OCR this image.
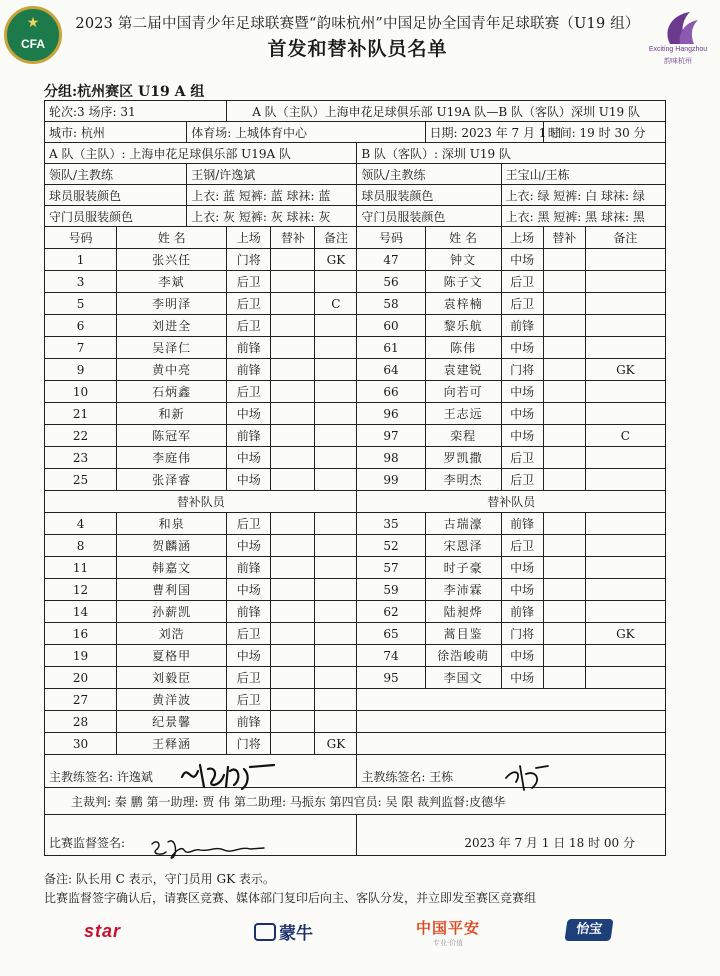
★
CFA	Exciting Hangzhou
韵味杭州
2023 第二届中国青少年足球联赛暨“韵味杭州”中国足协全国青年足球联赛（U19 组）
首发和替补队员名单
分组:杭州赛区 U19 A 组
轮次:3 场序: 31			A 队（主队）上海申花足球俱乐部 U19A 队—B 队（客队）深圳 U19 队							
城市: 杭州		体育场: 上城体育中心					日期: 2023 年 7 月 1 日		时间: 19 时 30 分	
A 队（主队）: 上海申花足球俱乐部 U19A 队						B 队（客队）: 深圳 U19 队				
领队/主教练		王钢/许逸斌				领队/主教练		王宝山/王栋		
球员服装颜色		上衣: 蓝 短裤: 蓝 球袜: 蓝				球员服装颜色		上衣: 绿 短裤: 白 球袜: 绿		
守门员服装颜色		上衣: 灰 短裤: 灰 球袜: 灰				守门员服装颜色		上衣: 黑 短裤: 黑 球袜: 黑		
号码	姓 名		上场	替补	备注	号码	姓 名	上场	替补	备注
1	张兴任		门将		GK	47	钟文	中场		
3	李斌		后卫			56	陈子文	后卫		
5	李明泽		后卫		C	58	袁梓楠	后卫		
6	刘进全		后卫			60	黎乐航	前锋		
7	吴泽仁		前锋			61	陈伟	中场		
9	黄中亮		前锋			64	袁建锐	门将		GK
10	石炳鑫		后卫			66	向若可	中场		
21	和新		中场			96	王志远	中场		
22	陈冠军		前锋			97	栾程	中场		C
23	李庭伟		中场			98	罗凯撒	后卫		
25	张泽睿		中场			99	李明杰	后卫		
替补队员						替补队员				
4	和泉		后卫			35	古瑞濠	前锋		
8	贺麟涵		中场			52	宋恩泽	后卫		
11	韩嘉文		前锋			57	时子豪	中场		
12	曹利国		中场			59	李沛霖	中场		
14	孙薪凯		前锋			62	陆昶烨	前锋		
16	刘浩		后卫			65	蒿目鉴	门将		GK
19	夏格甲		中场			74	徐浩峻萌	中场		
20	刘毅臣		后卫			95	李国文	中场		
27	黄洋波		后卫							
28	纪景馨		前锋							
30	王释涵		门将		GK					
主教练签名: 许逸斌						主教练签名: 王栋				
主裁判: 秦 鹏 第一助理: 贾 伟 第二助理: 马振东 第四官员: 吴 限 裁判监督:皮德华										
比赛监督签名:						2023 年 7 月 1 日 18 时 00 分				
备注: 队长用 C 表示，守门员用 GK 表示。
比赛监督签字确认后，请赛区竞赛、媒体部门复印后向主、客队分发，并立即发至赛区竞赛组
star	蒙牛	中国平安
专业·价值
怡宝
